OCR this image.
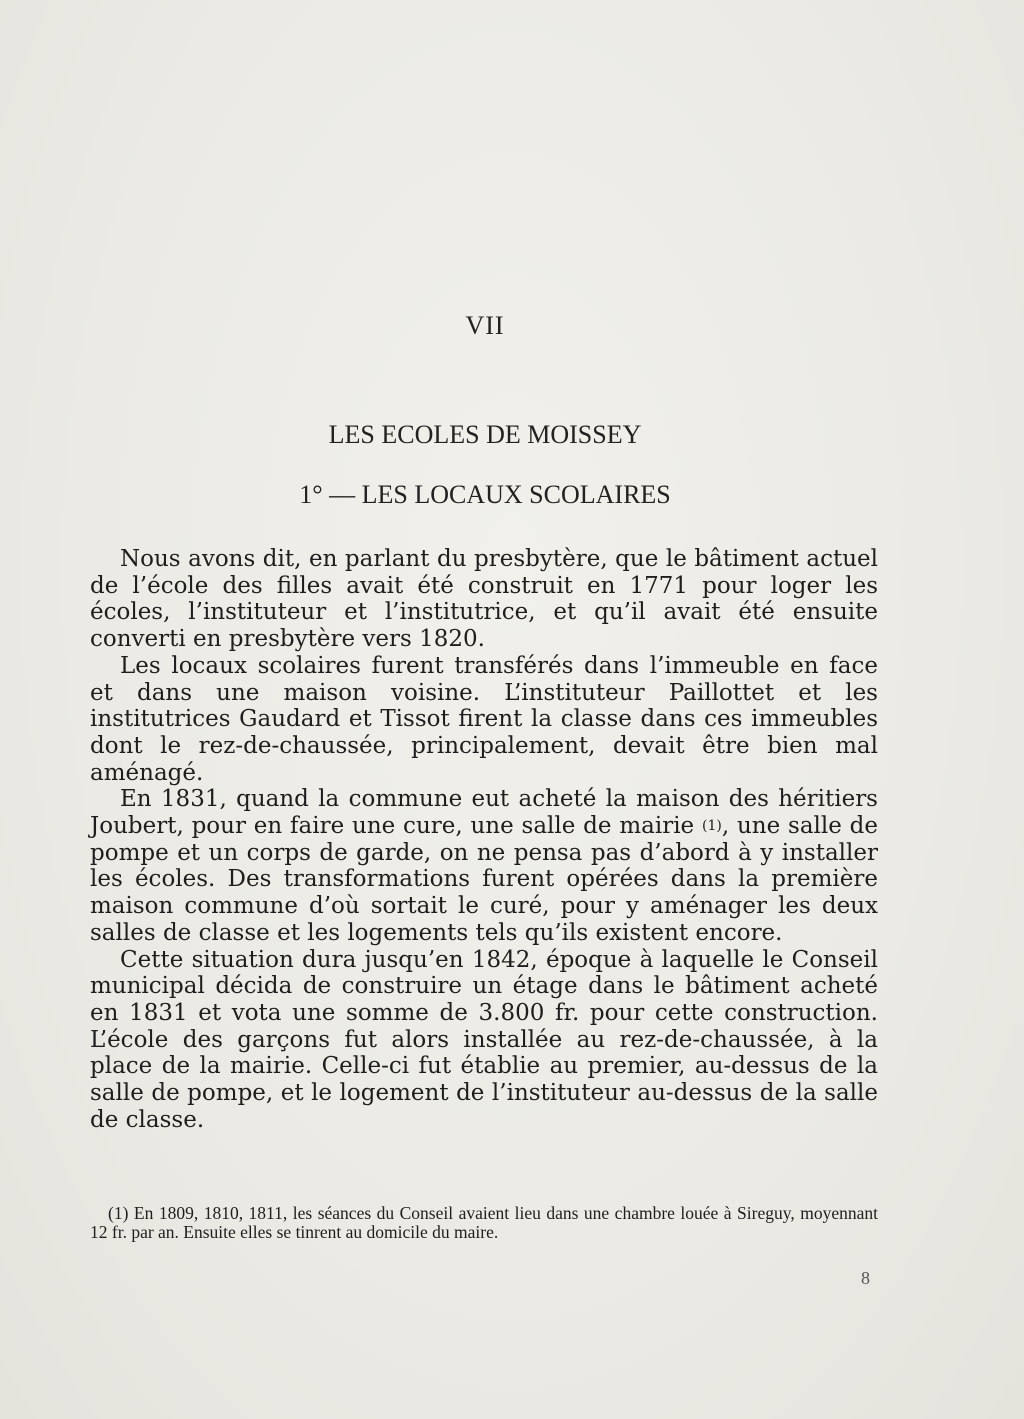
VII
LES ECOLES DE MOISSEY
1° — LES LOCAUX SCOLAIRES

Nous avons dit, en parlant du presbytère, que le bâtiment actuel de l’école des filles avait été construit en 1771 pour loger les écoles, l’instituteur et l’institutrice, et qu’il avait été ensuite converti en presbytère vers 1820.

Les locaux scolaires furent transférés dans l’immeuble en face et dans une maison voisine. L’instituteur Paillottet et les institutrices Gaudard et Tissot firent la classe dans ces immeubles dont le rez-de-chaussée, principalement, devait être bien mal aménagé.

En 1831, quand la commune eut acheté la maison des héritiers Joubert, pour en faire une cure, une salle de mairie (1), une salle de pompe et un corps de garde, on ne pensa pas d’abord à y installer les écoles. Des transformations furent opérées dans la première maison commune d’où sortait le curé, pour y aménager les deux salles de classe et les logements tels qu’ils existent encore.

Cette situation dura jusqu’en 1842, époque à laquelle le Conseil municipal décida de construire un étage dans le bâtiment acheté en 1831 et vota une somme de 3.800 fr. pour cette construction. L’école des garçons fut alors installée au rez-de-chaussée, à la place de la mairie. Celle-ci fut établie au premier, au-dessus de la salle de pompe, et le logement de l’instituteur au-dessus de la salle de classe.

(1) En 1809, 1810, 1811, les séances du Conseil avaient lieu dans une chambre louée à Sireguy, moyennant 12 fr. par an. Ensuite elles se tinrent au domicile du maire.

8
